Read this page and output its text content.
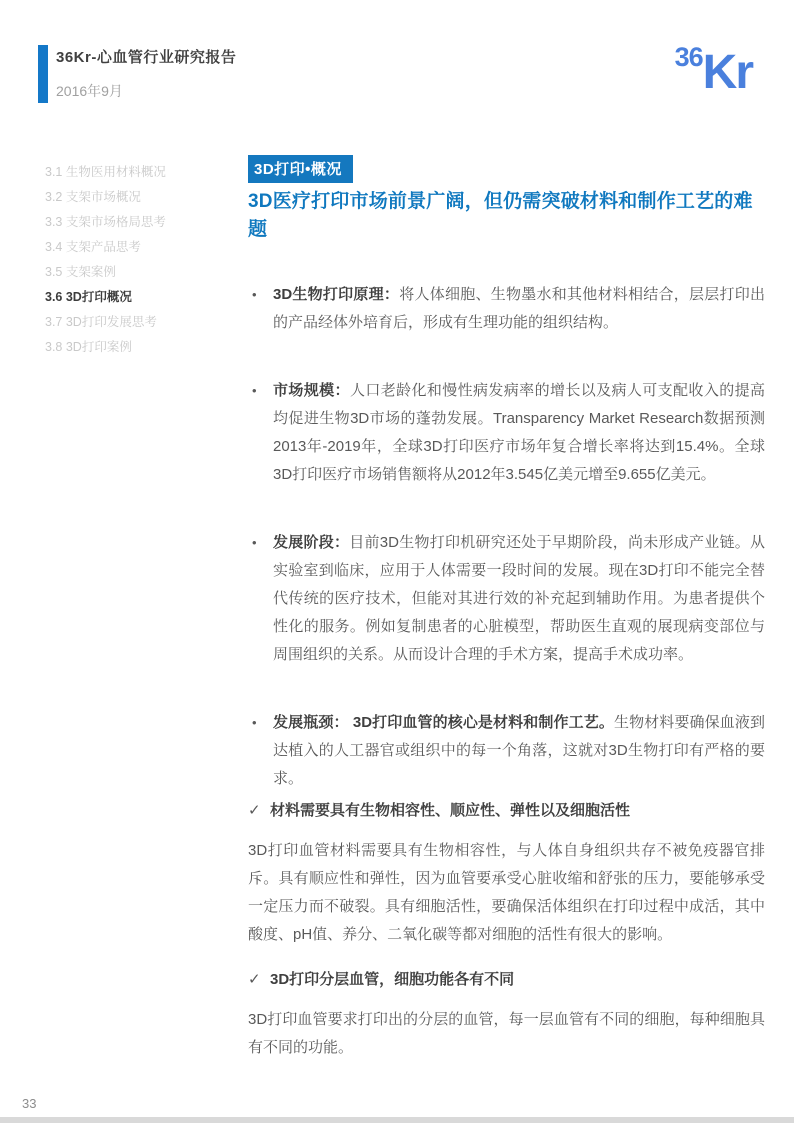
36Kr-心血管行业研究报告
2016年9月
36Kr
3.1 生物医用材料概况
3.2 支架市场概况
3.3 支架市场格局思考
3.4 支架产品思考
3.5 支架案例
3.6 3D打印概况
3.7 3D打印发展思考
3.8 3D打印案例
3D打印•概况
3D医疗打印市场前景广阔，但仍需突破材料和制作工艺的难题
•	3D生物打印原理：将人体细胞、生物墨水和其他材料相结合，层层打印出的产品经体外培育后，形成有生理功能的组织结构。
•	市场规模：人口老龄化和慢性病发病率的增长以及病人可支配收入的提高均促进生物3D市场的蓬勃发展。Transparency Market Research数据预测2013年-2019年，全球3D打印医疗市场年复合增长率将达到15.4%。全球3D打印医疗市场销售额将从2012年3.545亿美元增至9.655亿美元。
•	发展阶段：目前3D生物打印机研究还处于早期阶段，尚未形成产业链。从实验室到临床，应用于人体需要一段时间的发展。现在3D打印不能完全替代传统的医疗技术，但能对其进行效的补充起到辅助作用。为患者提供个性化的服务。例如复制患者的心脏模型，帮助医生直观的展现病变部位与周围组织的关系。从而设计合理的手术方案，提高手术成功率。
•	发展瓶颈： 3D打印血管的核心是材料和制作工艺。生物材料要确保血液到达植入的人工器官或组织中的每一个角落，这就对3D生物打印有严格的要求。
✓ 材料需要具有生物相容性、顺应性、弹性以及细胞活性

3D打印血管材料需要具有生物相容性，与人体自身组织共存不被免疫器官排斥。具有顺应性和弹性，因为血管要承受心脏收缩和舒张的压力，要能够承受一定压力而不破裂。具有细胞活性，要确保活体组织在打印过程中成活，其中酸度、pH值、养分、二氧化碳等都对细胞的活性有很大的影响。

✓ 3D打印分层血管，细胞功能各有不同

3D打印血管要求打印出的分层的血管，每一层血管有不同的细胞，每种细胞具有不同的功能。

33
